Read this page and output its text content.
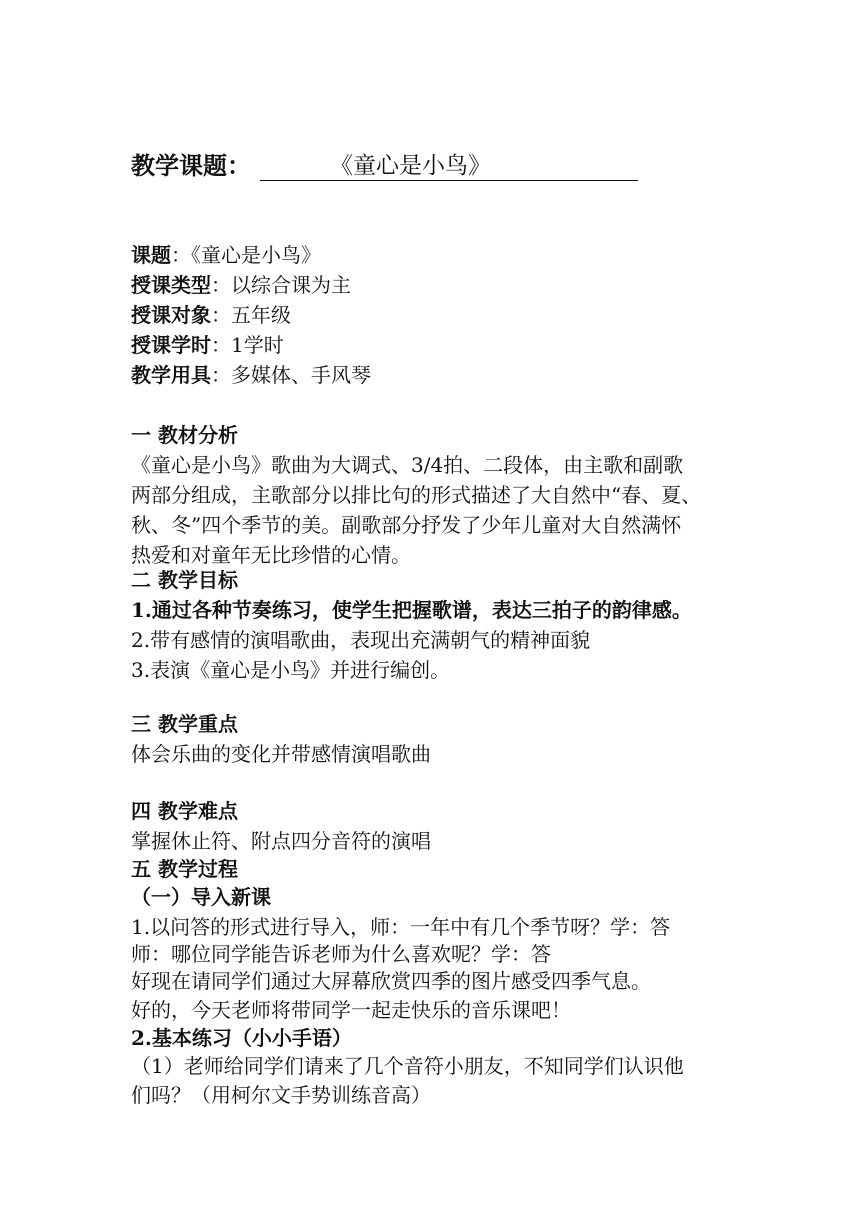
教学课题：	《童心是小鸟》
课题：《童心是小鸟》
授课类型：以综合课为主
授课对象：五年级
授课学时：1学时
教学用具：多媒体、手风琴
一 教材分析
《童心是小鸟》歌曲为大调式、3/4拍、二段体，由主歌和副歌
两部分组成，主歌部分以排比句的形式描述了大自然中“春、夏、
秋、冬”四个季节的美。副歌部分抒发了少年儿童对大自然满怀
热爱和对童年无比珍惜的心情。
二 教学目标
1.通过各种节奏练习，使学生把握歌谱，表达三拍子的韵律感。
2.带有感情的演唱歌曲，表现出充满朝气的精神面貌
3.表演《童心是小鸟》并进行编创。
三 教学重点
体会乐曲的变化并带感情演唱歌曲
四 教学难点
掌握休止符、附点四分音符的演唱
五 教学过程
（一）导入新课
1.以问答的形式进行导入，师：一年中有几个季节呀？学：答
师：哪位同学能告诉老师为什么喜欢呢？学：答
好现在请同学们通过大屏幕欣赏四季的图片感受四季气息。
好的，今天老师将带同学一起走快乐的音乐课吧！
2.基本练习（小小手语）
（1）老师给同学们请来了几个音符小朋友，不知同学们认识他
们吗？（用柯尔文手势训练音高）
